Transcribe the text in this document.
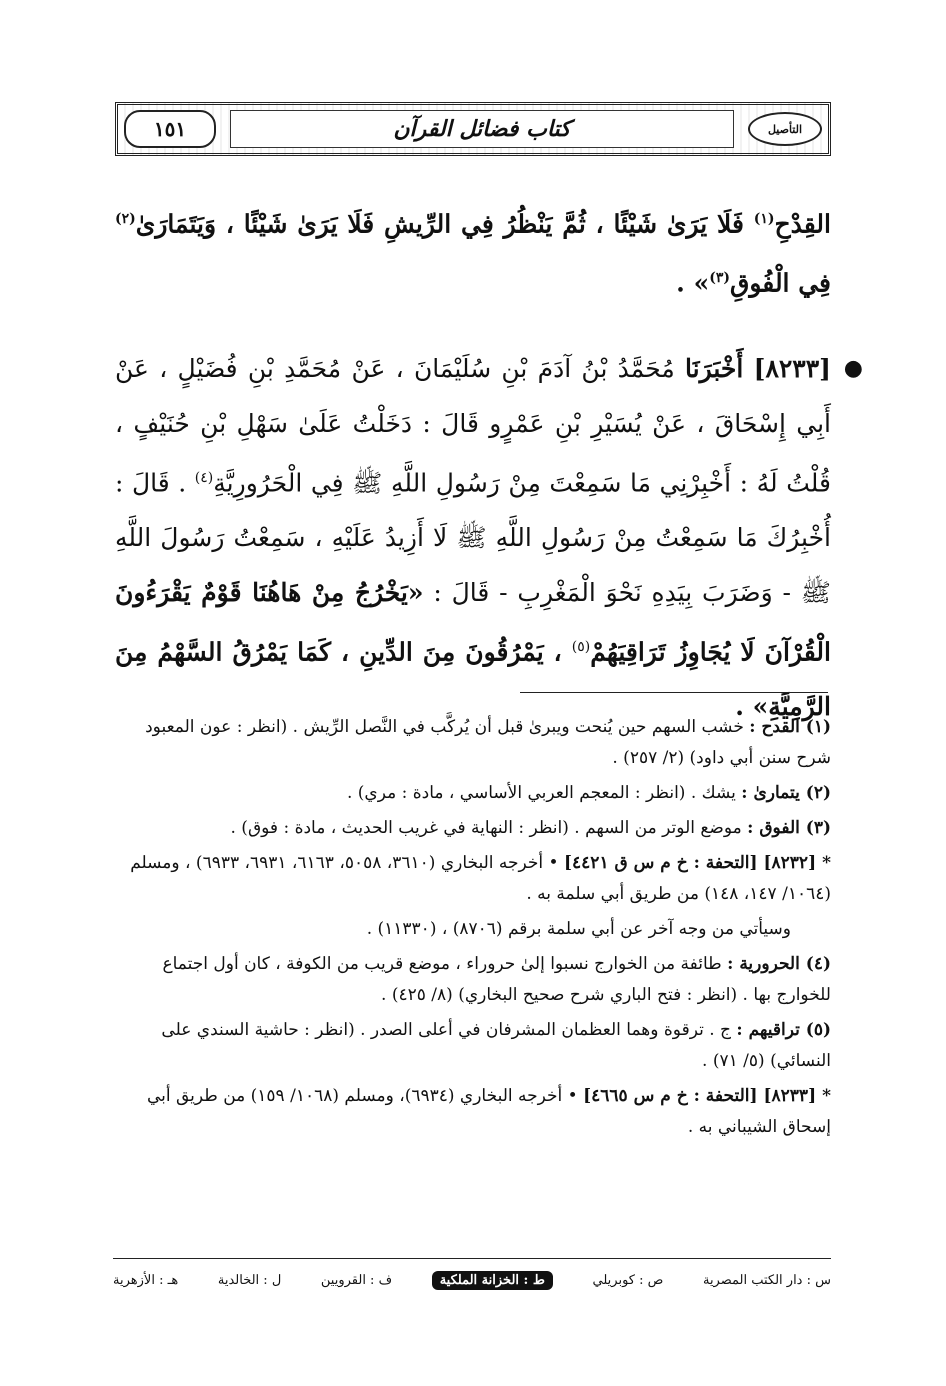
التأصيل
كتاب فضائل القرآن
١٥١

القِدْحِ$^{(١)}$ فَلَا يَرَىٰ شَيْئًا ، ثُمَّ يَنْظُرُ فِي الرِّيشِ فَلَا يَرَىٰ شَيْئًا ، وَيَتَمَارَىٰ$^{(٢)}$ فِي الْفُوقِ$^{(٣)}$» .

●
[٨٢٣٣] أَخْبَرَنَا مُحَمَّدُ بْنُ آدَمَ بْنِ سُلَيْمَانَ ، عَنْ مُحَمَّدِ بْنِ فُضَيْلٍ ، عَنْ أَبِي إِسْحَاقَ ، عَنْ يُسَيْرِ بْنِ عَمْرٍو قَالَ : دَخَلْتُ عَلَىٰ سَهْلِ بْنِ حُنَيْفٍ ، قُلْتُ لَهُ : أَخْبِرْنِي مَا سَمِعْتَ مِنْ رَسُولِ اللَّهِ ﷺ فِي الْحَرُورِيَّةِ$^{(٤)}$ . قَالَ : أُخْبِرُكَ مَا سَمِعْتُ مِنْ رَسُولِ اللَّهِ ﷺ لَا أَزِيدُ عَلَيْهِ ، سَمِعْتُ رَسُولَ اللَّهِ ﷺ - وَضَرَبَ بِيَدِهِ نَحْوَ الْمَغْرِبِ - قَالَ : «يَخْرُجُ مِنْ هَاهُنَا قَوْمٌ يَقْرَءُونَ الْقُرْآنَ لَا يُجَاوِزُ تَرَاقِيَهُمْ$^{(٥)}$ ، يَمْرُقُونَ مِنَ الدِّينِ ، كَمَا يَمْرُقُ السَّهْمُ مِنَ الرَّمِيَّةِ» .

(١) القدح : خشب السهم حين يُنحت ويبرىٰ قبل أن يُركَّب في النَّصل الرِّيش . (انظر : عون المعبود شرح سنن أبي داود) (٢/ ٢٥٧) .

(٢) يتمارىٰ : يشك . (انظر : المعجم العربي الأساسي ، مادة : مري) .

(٣) الفوق : موضع الوتر من السهم . (انظر : النهاية في غريب الحديث ، مادة : فوق) .

*[٨٢٣٢] [التحفة : خ م س ق ٤٤٢١] • أخرجه البخاري (٣٦١٠، ٥٠٥٨، ٦١٦٣، ٦٩٣١، ٦٩٣٣) ، ومسلم (١٠٦٤/ ١٤٧، ١٤٨) من طريق أبي سلمة به .

وسيأتي من وجه آخر عن أبي سلمة برقم (٨٧٠٦) ، (١١٣٣٠) .

(٤) الحرورية : طائفة من الخوارج نسبوا إلىٰ حروراء ، موضع قريب من الكوفة ، كان أول اجتماع للخوارج بها . (انظر : فتح الباري شرح صحيح البخاري) (٨/ ٤٢٥) .

(٥) تراقيهم : ج . ترقوة وهما العظمان المشرفان في أعلى الصدر . (انظر : حاشية السندي على النسائي) (٥/ ٧١) .

*[٨٢٣٣] [التحفة : خ م س ٤٦٦٥] • أخرجه البخاري (٦٩٣٤)، ومسلم (١٠٦٨/ ١٥٩) من طريق أبي إسحاق الشيباني به .

س : دار الكتب المصرية
ص : كوبريلي
ط : الخزانة الملكية
ف : القرويين
ل : الخالدية
هـ : الأزهرية
